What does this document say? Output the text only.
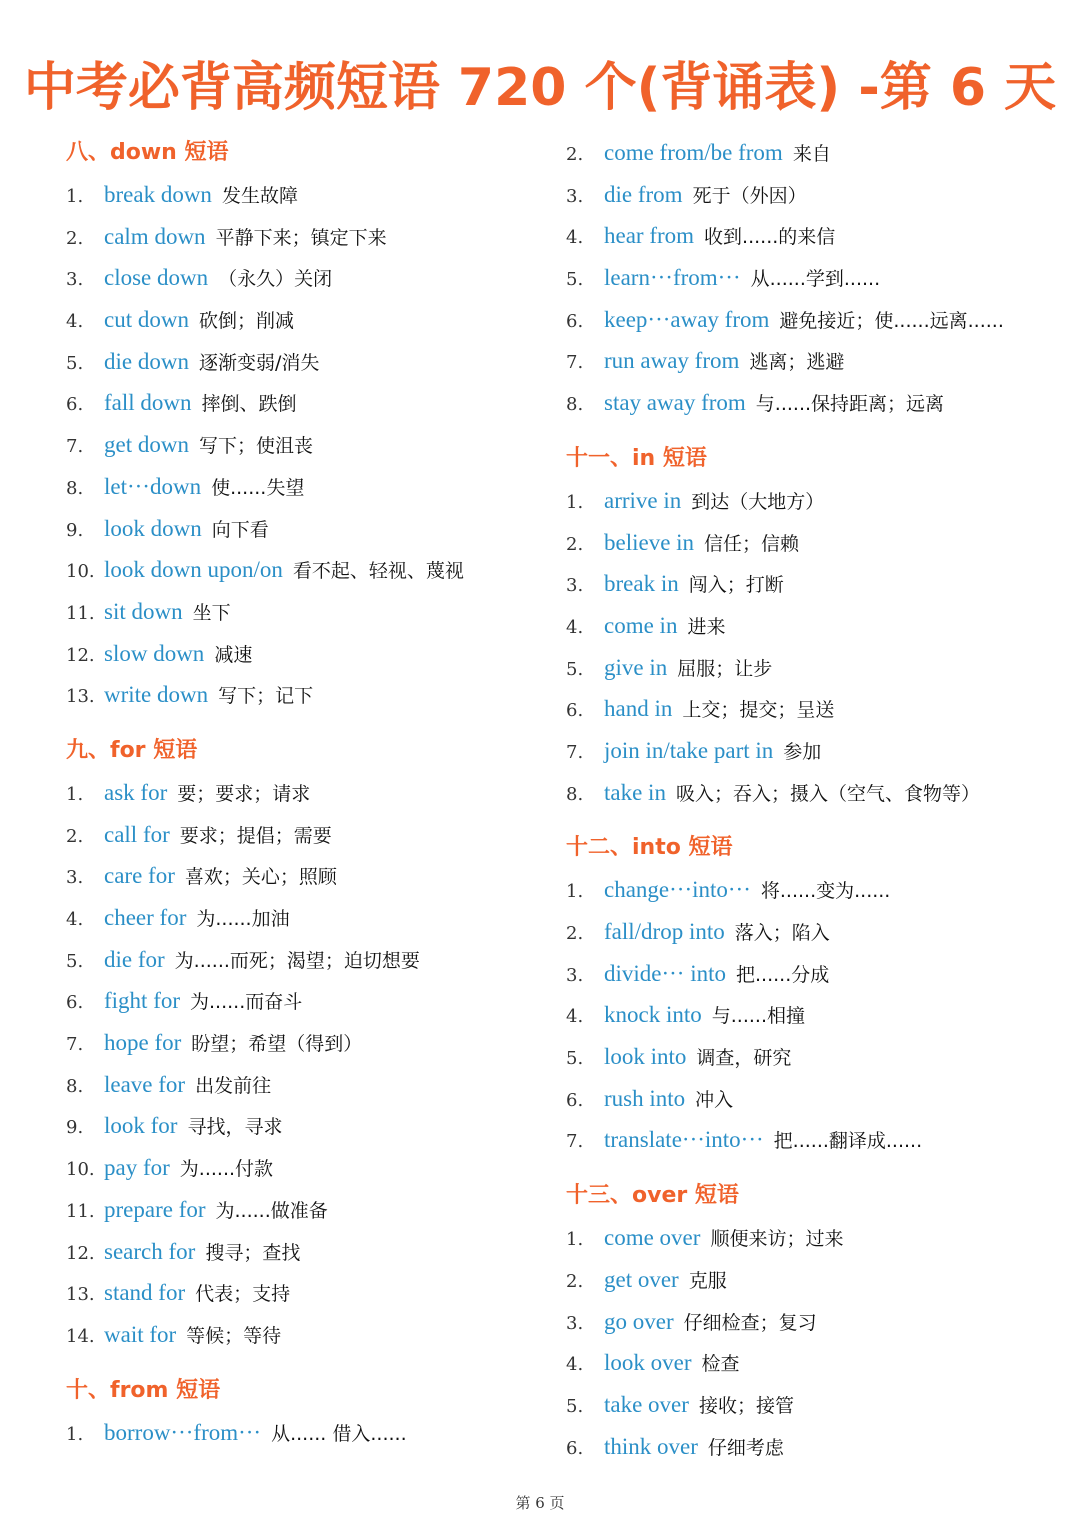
中考必背高频短语 720 个(背诵表) -第 6 天
八、down 短语
1. break down 发生故障
2. calm down 平静下来；镇定下来
3. close down （永久）关闭
4. cut down 砍倒；削减
5. die down 逐渐变弱/消失
6. fall down 摔倒、跌倒
7. get down 写下；使沮丧
8. let···down 使......失望
9. look down 向下看
10. look down upon/on 看不起、轻视、蔑视
11. sit down 坐下
12. slow down 减速
13. write down 写下；记下
九、for 短语
1. ask for 要；要求；请求
2. call for 要求；提倡；需要
3. care for 喜欢；关心；照顾
4. cheer for 为......加油
5. die for 为......而死；渴望；迫切想要
6. fight for 为......而奋斗
7. hope for 盼望；希望（得到）
8. leave for 出发前往
9. look for 寻找，寻求
10. pay for 为......付款
11. prepare for 为......做准备
12. search for 搜寻；查找
13. stand for 代表；支持
14. wait for 等候；等待
十、from 短语
1. borrow···from··· 从...... 借入......
2. come from/be from 来自
3. die from 死于（外因）
4. hear from 收到......的来信
5. learn···from··· 从......学到......
6. keep···away from 避免接近；使......远离......
7. run away from 逃离；逃避
8. stay away from 与......保持距离；远离
十一、in 短语
1. arrive in 到达（大地方）
2. believe in 信任；信赖
3. break in 闯入；打断
4. come in 进来
5. give in 屈服；让步
6. hand in 上交；提交；呈送
7. join in/take part in 参加
8. take in 吸入；吞入；摄入（空气、食物等）
十二、into 短语
1. change···into··· 将......变为......
2. fall/drop into 落入；陷入
3. divide··· into 把......分成
4. knock into 与......相撞
5. look into 调查，研究
6. rush into 冲入
7. translate···into··· 把......翻译成......
十三、over 短语
1. come over 顺便来访；过来
2. get over 克服
3. go over 仔细检查；复习
4. look over 检查
5. take over 接收；接管
6. think over 仔细考虑
第 6 页
